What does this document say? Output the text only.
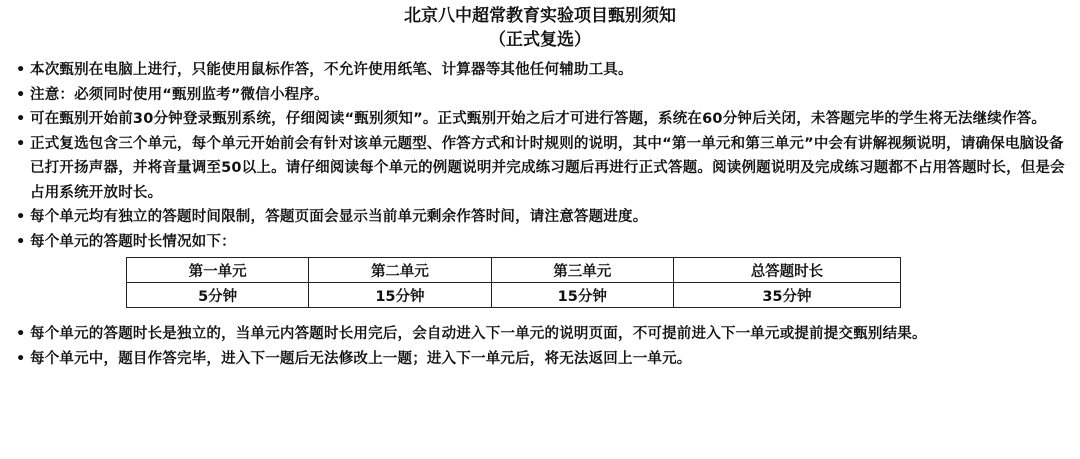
北京八中超常教育实验项目甄别须知
（正式复选）
• 本次甄别在电脑上进行，只能使用鼠标作答，不允许使用纸笔、计算器等其他任何辅助工具。
• 注意：必须同时使用“甄别监考”微信小程序。
• 可在甄别开始前30分钟登录甄别系统，仔细阅读“甄别须知”。正式甄别开始之后才可进行答题，系统在60分钟后关闭，未答题完毕的学生将无法继续作答。
• 正式复选包含三个单元，每个单元开始前会有针对该单元题型、作答方式和计时规则的说明，其中“第一单元和第三单元”中会有讲解视频说明，请确保电脑设备已打开扬声器，并将音量调至50以上。请仔细阅读每个单元的例题说明并完成练习题后再进行正式答题。阅读例题说明及完成练习题都不占用答题时长，但是会占用系统开放时长。
• 每个单元均有独立的答题时间限制，答题页面会显示当前单元剩余作答时间，请注意答题进度。
• 每个单元的答题时长情况如下：
第一单元	第二单元	第三单元	总答题时长
5分钟	15分钟	15分钟	35分钟
• 每个单元的答题时长是独立的，当单元内答题时长用完后，会自动进入下一单元的说明页面，不可提前进入下一单元或提前提交甄别结果。
• 每个单元中，题目作答完毕，进入下一题后无法修改上一题；进入下一单元后，将无法返回上一单元。
